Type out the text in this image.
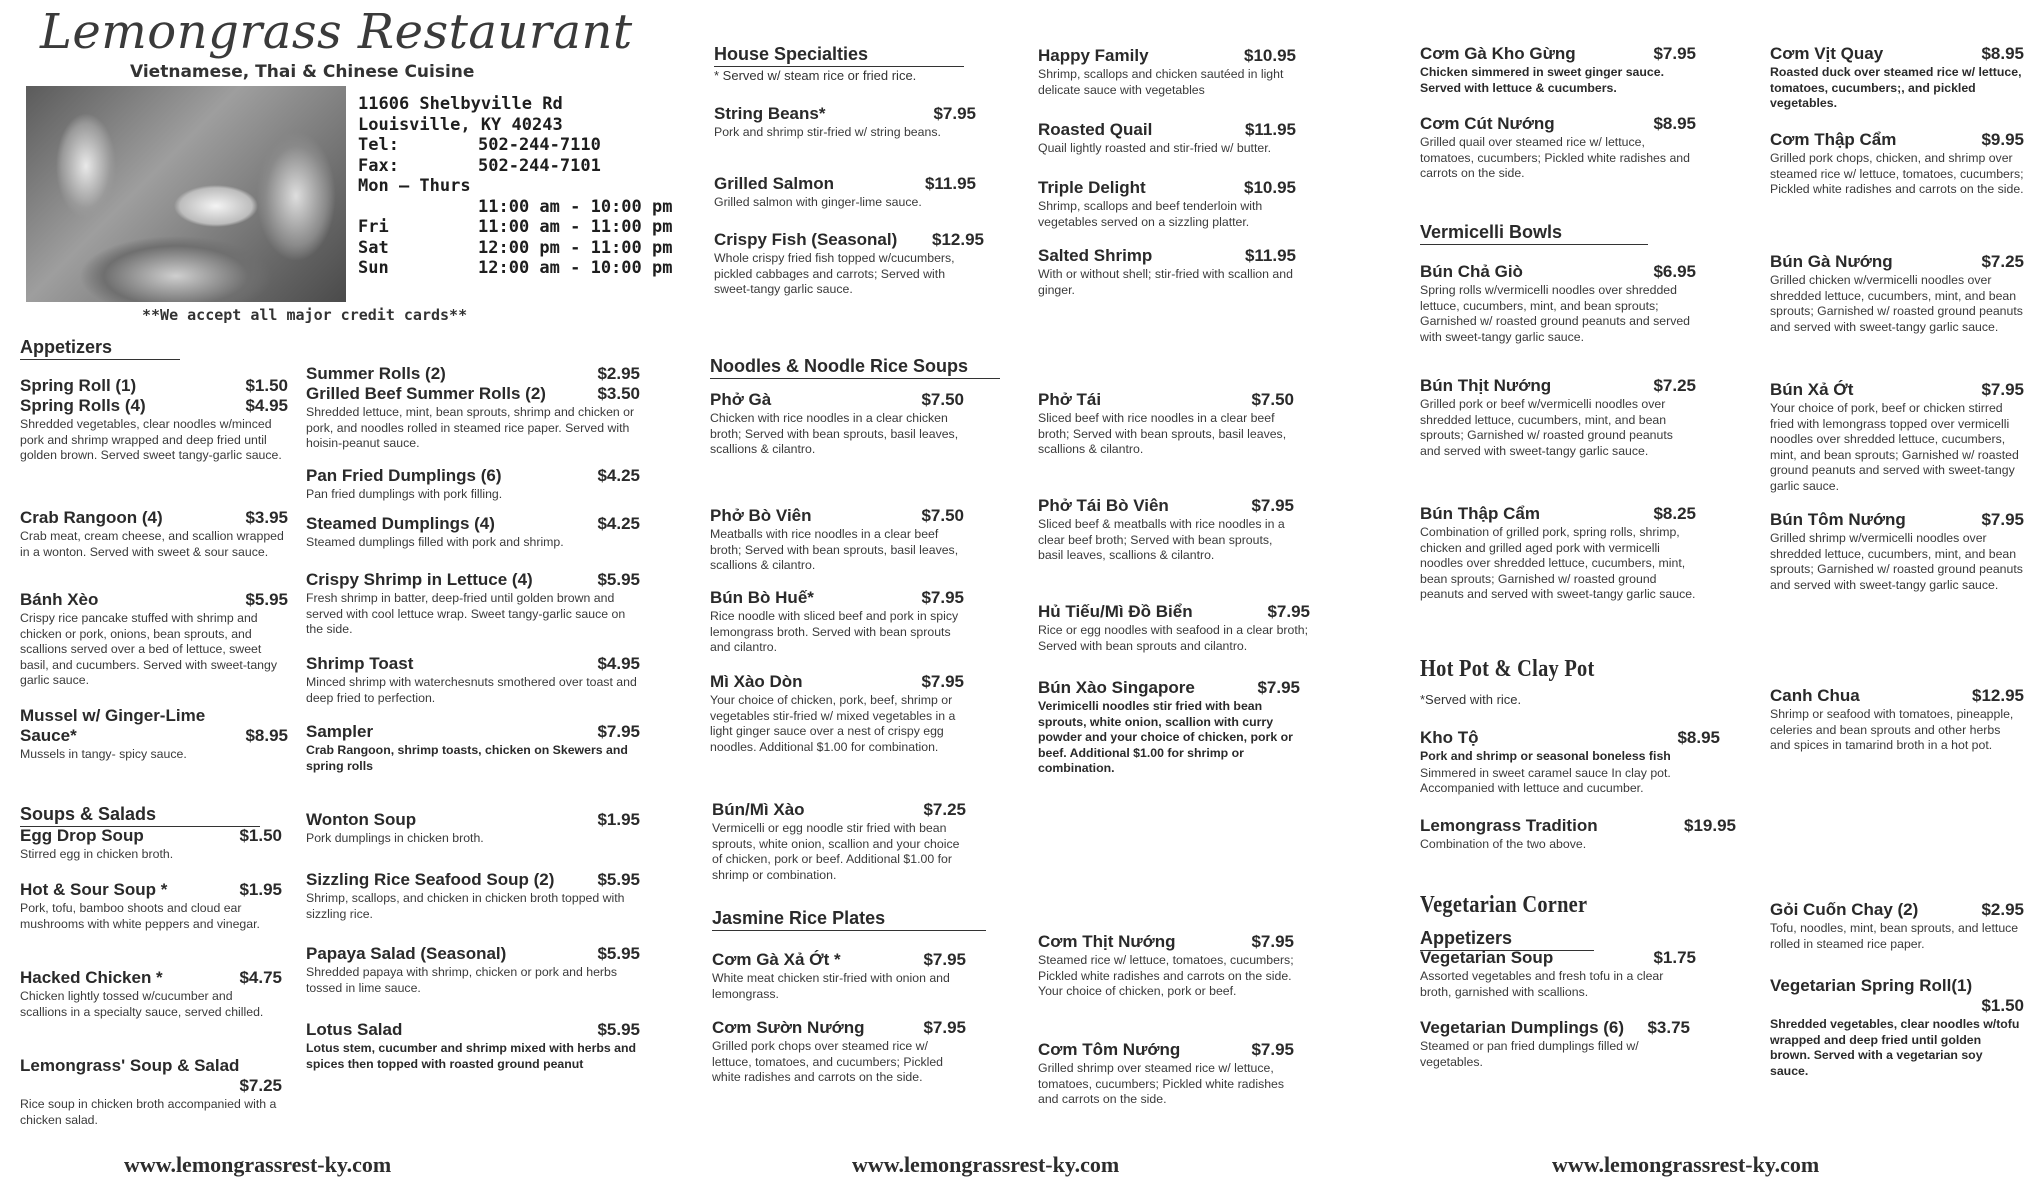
Lemongrass Restaurant
Vietnamese, Thai & Chinese Cuisine
11606 Shelbyville Rd
Louisville, KY 40243
Tel:	502-244-7110
Fax:	502-244-7101
Mon – Thurs
11:00 am - 10:00 pm
Fri	11:00 am - 11:00 pm
Sat	12:00 pm - 11:00 pm
Sun	12:00 am - 10:00 pm
**We accept all major credit cards**
Appetizers
Spring Roll (1)	$1.50
Spring Rolls (4)	$4.95
Shredded vegetables, clear noodles w/minced pork and shrimp wrapped and deep fried until golden brown. Served sweet tangy-garlic sauce.
Crab Rangoon (4)	$3.95
Crab meat, cream cheese, and scallion wrapped in a wonton. Served with sweet & sour sauce.
Bánh Xèo	$5.95
Crispy rice pancake stuffed with shrimp and chicken or pork, onions, bean sprouts, and scallions served over a bed of lettuce, sweet basil, and cucumbers. Served with sweet-tangy garlic sauce.
Mussel w/ Ginger-Lime
Sauce*	$8.95
Mussels in tangy- spicy sauce.
Soups & Salads
Egg Drop Soup	$1.50
Stirred egg in chicken broth.
Hot & Sour Soup *	$1.95
Pork, tofu, bamboo shoots and cloud ear mushrooms with white peppers and vinegar.
Hacked Chicken *	$4.75
Chicken lightly tossed w/cucumber and scallions in a specialty sauce, served chilled.
Lemongrass' Soup & Salad
$7.25
Rice soup in chicken broth accompanied with a chicken salad.
Summer Rolls (2)	$2.95
Grilled Beef Summer Rolls (2)	$3.50
Shredded lettuce, mint, bean sprouts, shrimp and chicken or pork, and noodles rolled in steamed rice paper. Served with hoisin-peanut sauce.
Pan Fried Dumplings (6)	$4.25
Pan fried dumplings with pork filling.
Steamed Dumplings (4)	$4.25
Steamed dumplings filled with pork and shrimp.
Crispy Shrimp in Lettuce (4)	$5.95
Fresh shrimp in batter, deep-fried until golden brown and served with cool lettuce wrap. Sweet tangy-garlic sauce on the side.
Shrimp Toast	$4.95
Minced shrimp with waterchesnuts smothered over toast and deep fried to perfection.
Sampler	$7.95
Crab Rangoon, shrimp toasts, chicken on Skewers and spring rolls
Wonton Soup	$1.95
Pork dumplings in chicken broth.
Sizzling Rice Seafood Soup (2)	$5.95
Shrimp, scallops, and chicken in chicken broth topped with sizzling rice.
Papaya Salad (Seasonal)	$5.95
Shredded papaya with shrimp, chicken or pork and herbs tossed in lime sauce.
Lotus Salad	$5.95
Lotus stem, cucumber and shrimp mixed with herbs and spices then topped with roasted ground peanut
House Specialties
* Served w/ steam rice or fried rice.
String Beans*	$7.95
Pork and shrimp stir-fried w/ string beans.
Grilled Salmon	$11.95
Grilled salmon with ginger-lime sauce.
Crispy Fish (Seasonal) $12.95
Whole crispy fried fish topped w/cucumbers, pickled cabbages and carrots; Served with sweet-tangy garlic sauce.
Noodles & Noodle Rice Soups
Phở Gà	$7.50
Chicken with rice noodles in a clear chicken broth; Served with bean sprouts, basil leaves, scallions & cilantro.
Phở Bò Viên	$7.50
Meatballs with rice noodles in a clear beef broth; Served with bean sprouts, basil leaves, scallions & cilantro.
Bún Bò Huế*	$7.95
Rice noodle with sliced beef and pork in spicy lemongrass broth. Served with bean sprouts and cilantro.
Mì Xào Dòn	$7.95
Your choice of chicken, pork, beef, shrimp or vegetables stir-fried w/ mixed vegetables in a light ginger sauce over a nest of crispy egg noodles. Additional $1.00 for combination.
Bún/Mì Xào	$7.25
Vermicelli or egg noodle stir fried with bean sprouts, white onion, scallion and your choice of chicken, pork or beef. Additional $1.00 for shrimp or combination.
Jasmine Rice Plates
Cơm Gà Xả Ớt *	$7.95
White meat chicken stir-fried with onion and lemongrass.
Cơm Sườn Nướng	$7.95
Grilled pork chops over steamed rice w/ lettuce, tomatoes, and cucumbers; Pickled white radishes and carrots on the side.
Happy Family	$10.95
Shrimp, scallops and chicken sautéed in light delicate sauce with vegetables
Roasted Quail	$11.95
Quail lightly roasted and stir-fried w/ butter.
Triple Delight	$10.95
Shrimp, scallops and beef tenderloin with vegetables served on a sizzling platter.
Salted Shrimp	$11.95
With or without shell; stir-fried with scallion and ginger.
Phở Tái	$7.50
Sliced beef with rice noodles in a clear beef broth; Served with bean sprouts, basil leaves, scallions & cilantro.
Phở Tái Bò Viên	$7.95
Sliced beef & meatballs with rice noodles in a clear beef broth; Served with bean sprouts, basil leaves, scallions & cilantro.
Hủ Tiếu/Mì Đồ Biển	$7.95
Rice or egg noodles with seafood in a clear broth; Served with bean sprouts and cilantro.
Bún Xào Singapore	$7.95
Verimicelli noodles stir fried with bean sprouts, white onion, scallion with curry powder and your choice of chicken, pork or beef. Additional $1.00 for shrimp or combination.
Cơm Thịt Nướng	$7.95
Steamed rice w/ lettuce, tomatoes, cucumbers; Pickled white radishes and carrots on the side. Your choice of chicken, pork or beef.
Cơm Tôm Nướng	$7.95
Grilled shrimp over steamed rice w/ lettuce, tomatoes, cucumbers; Pickled white radishes and carrots on the side.
Cơm Gà Kho Gừng	$7.95
Chicken simmered in sweet ginger sauce. Served with lettuce & cucumbers.
Cơm Cút Nướng	$8.95
Grilled quail over steamed rice w/ lettuce, tomatoes, cucumbers; Pickled white radishes and carrots on the side.
Vermicelli Bowls
Bún Chả Giò	$6.95
Spring rolls w/vermicelli noodles over shredded lettuce, cucumbers, mint, and bean sprouts; Garnished w/ roasted ground peanuts and served with sweet-tangy garlic sauce.
Bún Thịt Nướng	$7.25
Grilled pork or beef w/vermicelli noodles over shredded lettuce, cucumbers, mint, and bean sprouts; Garnished w/ roasted ground peanuts and served with sweet-tangy garlic sauce.
Bún Thập Cẩm	$8.25
Combination of grilled pork, spring rolls, shrimp, chicken and grilled aged pork with vermicelli noodles over shredded lettuce, cucumbers, mint, bean sprouts; Garnished w/ roasted ground peanuts and served with sweet-tangy garlic sauce.
Hot Pot & Clay Pot
*Served with rice.
Kho Tộ	$8.95
Pork and shrimp or seasonal boneless fish
Simmered in sweet caramel sauce In clay pot. Accompanied with lettuce and cucumber.
Lemongrass Tradition	$19.95
Combination of the two above.
Vegetarian Corner
Appetizers
Vegetarian Soup	$1.75
Assorted vegetables and fresh tofu in a clear broth, garnished with scallions.
Vegetarian Dumplings (6) $3.75
Steamed or pan fried dumplings filled w/ vegetables.
Cơm Vịt Quay	$8.95
Roasted duck over steamed rice w/ lettuce, tomatoes, cucumbers;, and pickled vegetables.
Cơm Thập Cẩm	$9.95
Grilled pork chops, chicken, and shrimp over steamed rice w/ lettuce, tomatoes, cucumbers; Pickled white radishes and carrots on the side.
Bún Gà Nướng	$7.25
Grilled chicken w/vermicelli noodles over shredded lettuce, cucumbers, mint, and bean sprouts; Garnished w/ roasted ground peanuts and served with sweet-tangy garlic sauce.
Bún Xả Ớt	$7.95
Your choice of pork, beef or chicken stirred fried with lemongrass topped over vermicelli noodles over shredded lettuce, cucumbers, mint, and bean sprouts; Garnished w/ roasted ground peanuts and served with sweet-tangy garlic sauce.
Bún Tôm Nướng	$7.95
Grilled shrimp w/vermicelli noodles over shredded lettuce, cucumbers, mint, and bean sprouts; Garnished w/ roasted ground peanuts and served with sweet-tangy garlic sauce.
Canh Chua	$12.95
Shrimp or seafood with tomatoes, pineapple, celeries and bean sprouts and other herbs and spices in tamarind broth in a hot pot.
Gỏi Cuốn Chay (2)	$2.95
Tofu, noodles, mint, bean sprouts, and lettuce rolled in steamed rice paper.
Vegetarian Spring Roll(1)
$1.50
Shredded vegetables, clear noodles w/tofu wrapped and deep fried until golden brown. Served with a vegetarian soy sauce.
www.lemongrassrest-ky.com	www.lemongrassrest-ky.com	www.lemongrassrest-ky.com
